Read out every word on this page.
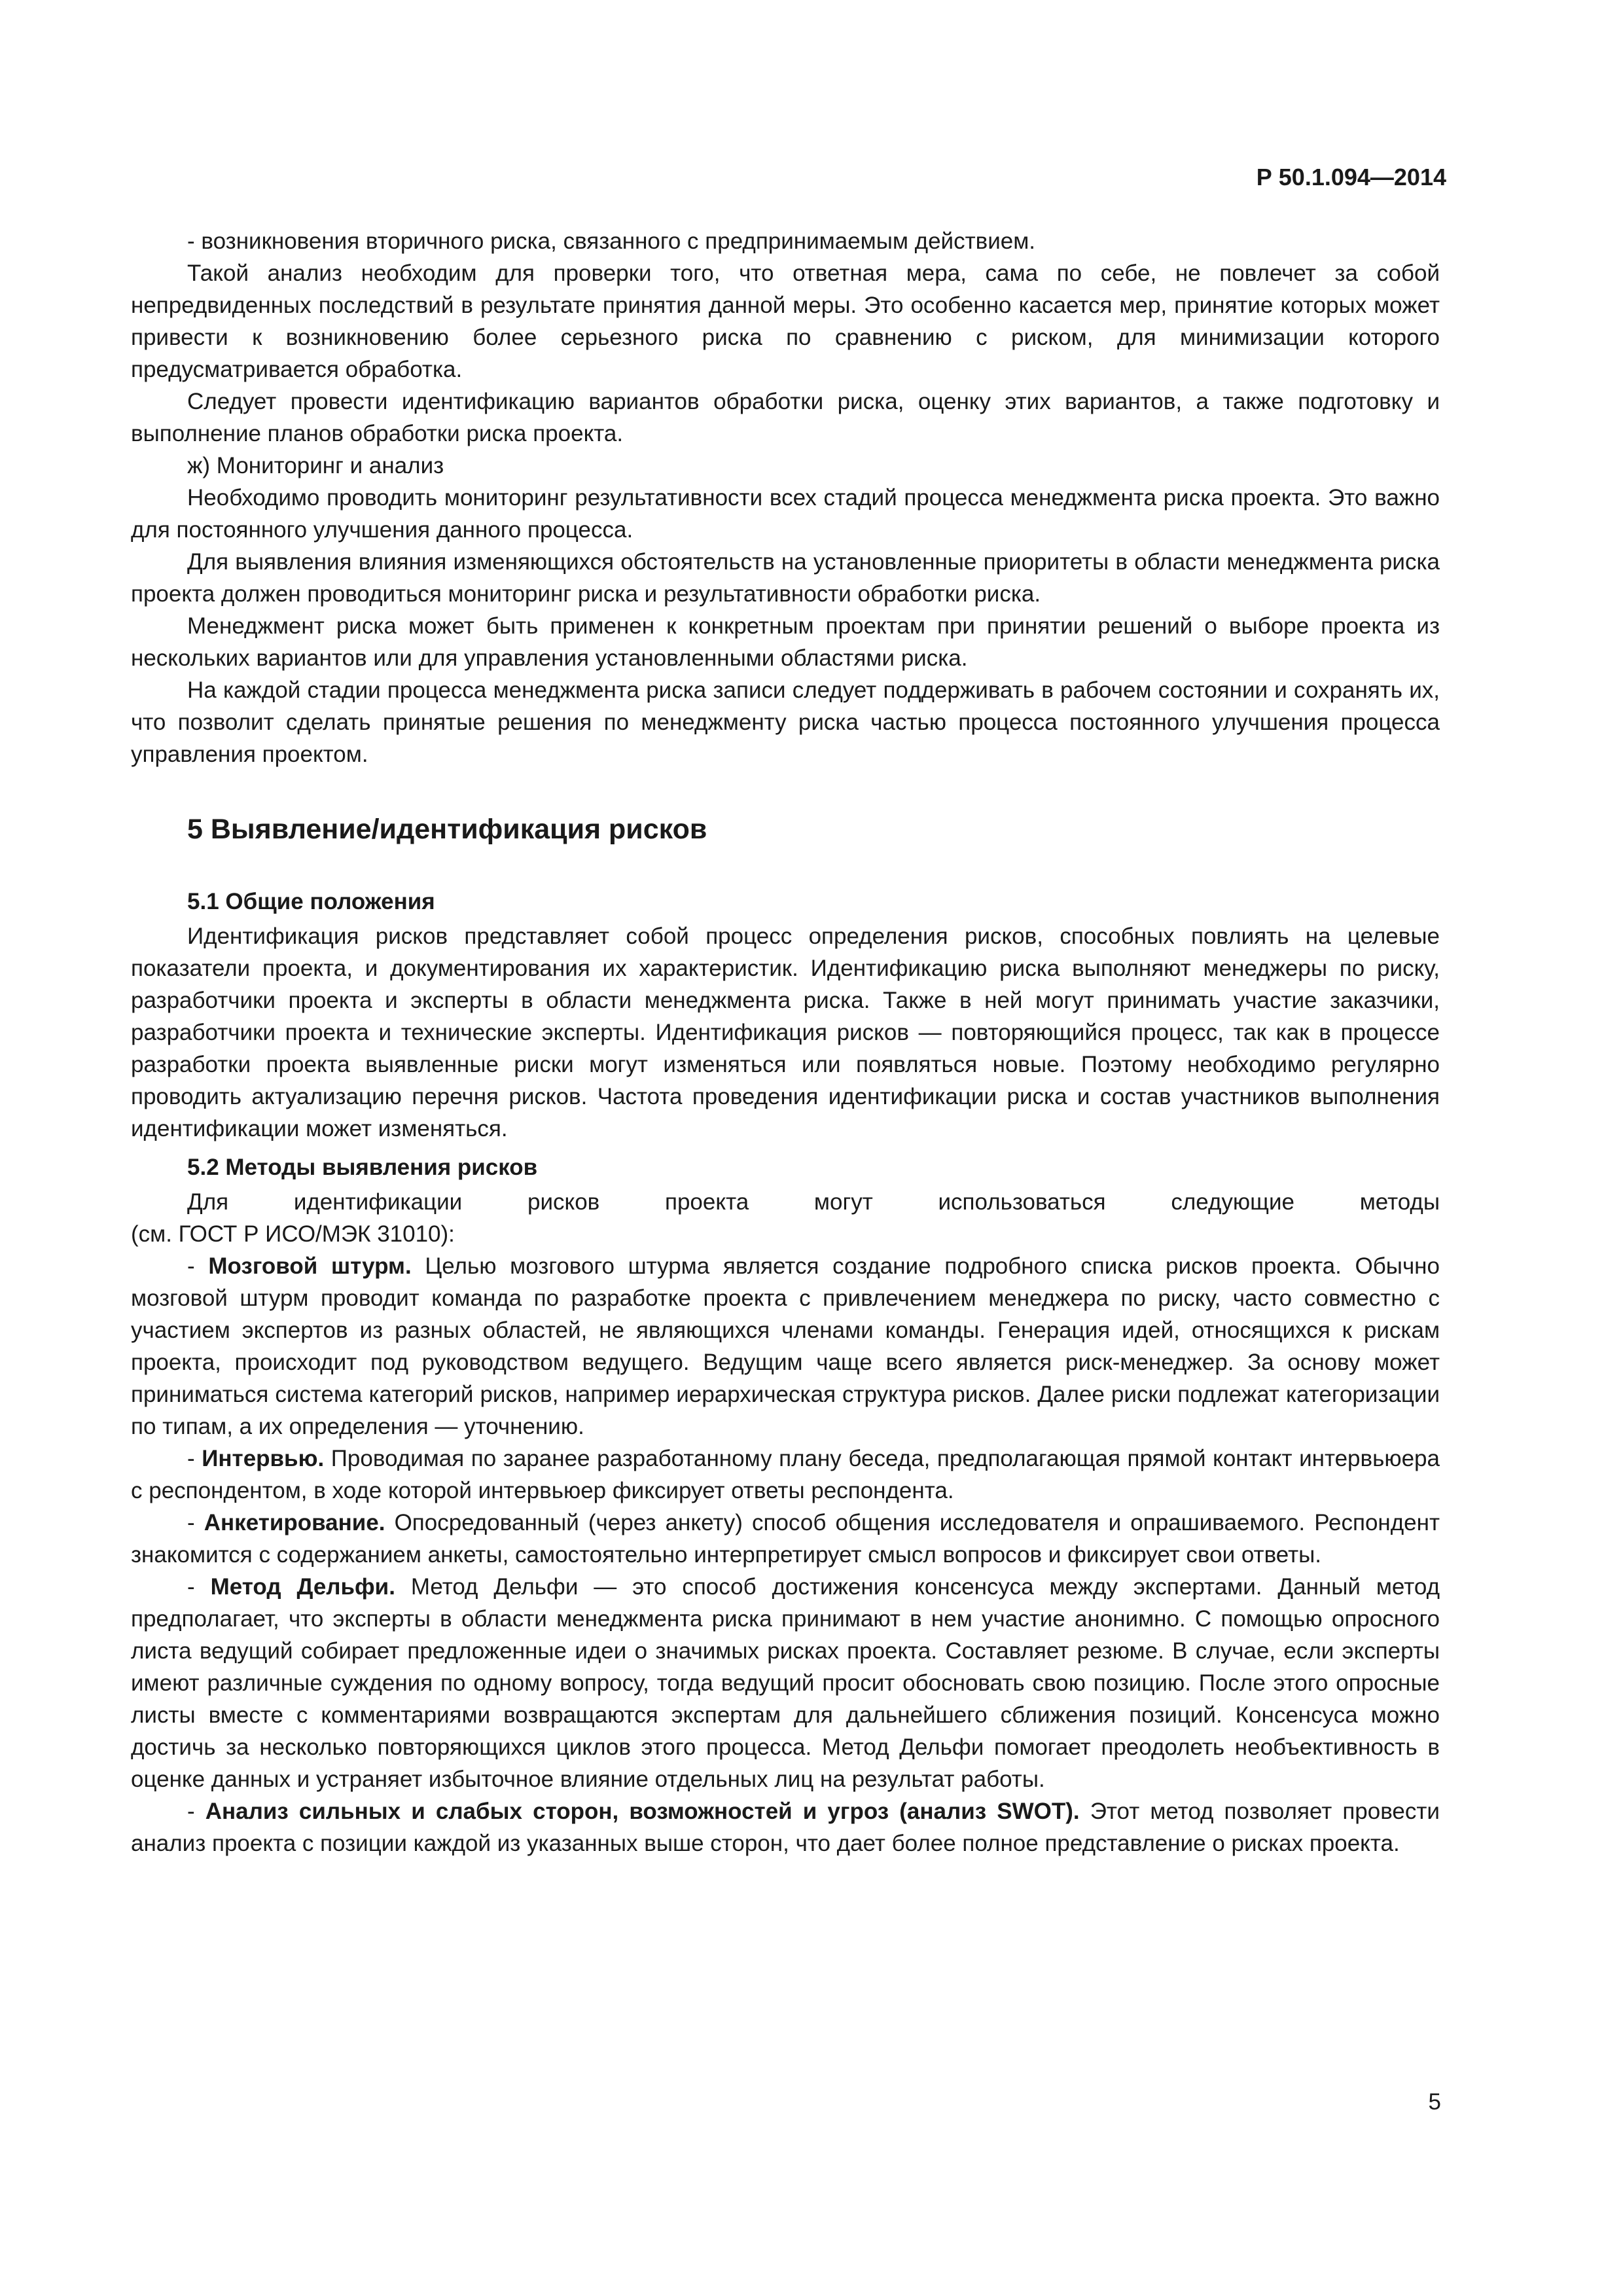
Р 50.1.094—2014

- возникновения вторичного риска, связанного с предпринимаемым действием.

Такой анализ необходим для проверки того, что ответная мера, сама по себе, не повлечет за собой непредвиденных последствий в результате принятия данной меры. Это особенно касается мер, принятие которых может привести к возникновению более серьезного риска по сравнению с риском, для минимизации которого предусматривается обработка.

Следует провести идентификацию вариантов обработки риска, оценку этих вариантов, а также подготовку и выполнение планов обработки риска проекта.

ж) Мониторинг и анализ

Необходимо проводить мониторинг результативности всех стадий процесса менеджмента риска проекта. Это важно для постоянного улучшения данного процесса.

Для выявления влияния изменяющихся обстоятельств на установленные приоритеты в области менеджмента риска проекта должен проводиться мониторинг риска и результативности обработки риска.

Менеджмент риска может быть применен к конкретным проектам при принятии решений о выборе проекта из нескольких вариантов или для управления установленными областями риска.

На каждой стадии процесса менеджмента риска записи следует поддерживать в рабочем состоянии и сохранять их, что позволит сделать принятые решения по менеджменту риска частью процесса постоянного улучшения процесса управления проектом.

5 Выявление/идентификация рисков
5.1 Общие положения

Идентификация рисков представляет собой процесс определения рисков, способных повлиять на целевые показатели проекта, и документирования их характеристик. Идентификацию риска выполняют менеджеры по риску, разработчики проекта и эксперты в области менеджмента риска. Также в ней могут принимать участие заказчики, разработчики проекта и технические эксперты. Идентификация рисков — повторяющийся процесс, так как в процессе разработки проекта выявленные риски могут изменяться или появляться новые. Поэтому необходимо регулярно проводить актуализацию перечня рисков. Частота проведения идентификации риска и состав участников выполнения идентификации может изменяться.

5.2 Методы выявления рисков

Для идентификации рисков проекта могут использоваться следующие методы

(см. ГОСТ Р ИСО/МЭК 31010):

- Мозговой штурм. Целью мозгового штурма является создание подробного списка рисков проекта. Обычно мозговой штурм проводит команда по разработке проекта с привлечением менеджера по риску, часто совместно с участием экспертов из разных областей, не являющихся членами команды. Генерация идей, относящихся к рискам проекта, происходит под руководством ведущего. Ведущим чаще всего является риск-менеджер. За основу может приниматься система категорий рисков, например иерархическая структура рисков. Далее риски подлежат категоризации по типам, а их определения — уточнению.

- Интервью. Проводимая по заранее разработанному плану беседа, предполагающая прямой контакт интервьюера с респондентом, в ходе которой интервьюер фиксирует ответы респондента.

- Анкетирование. Опосредованный (через анкету) способ общения исследователя и опрашиваемого. Респондент знакомится с содержанием анкеты, самостоятельно интерпретирует смысл вопросов и фиксирует свои ответы.

- Метод Дельфи. Метод Дельфи — это способ достижения консенсуса между экспертами. Данный метод предполагает, что эксперты в области менеджмента риска принимают в нем участие анонимно. С помощью опросного листа ведущий собирает предложенные идеи о значимых рисках проекта. Составляет резюме. В случае, если эксперты имеют различные суждения по одному вопросу, тогда ведущий просит обосновать свою позицию. После этого опросные листы вместе с комментариями возвращаются экспертам для дальнейшего сближения позиций. Консенсуса можно достичь за несколько повторяющихся циклов этого процесса. Метод Дельфи помогает преодолеть необъективность в оценке данных и устраняет избыточное влияние отдельных лиц на результат работы.

- Анализ сильных и слабых сторон, возможностей и угроз (анализ SWOT). Этот метод позволяет провести анализ проекта с позиции каждой из указанных выше сторон, что дает более полное представление о рисках проекта.

5
